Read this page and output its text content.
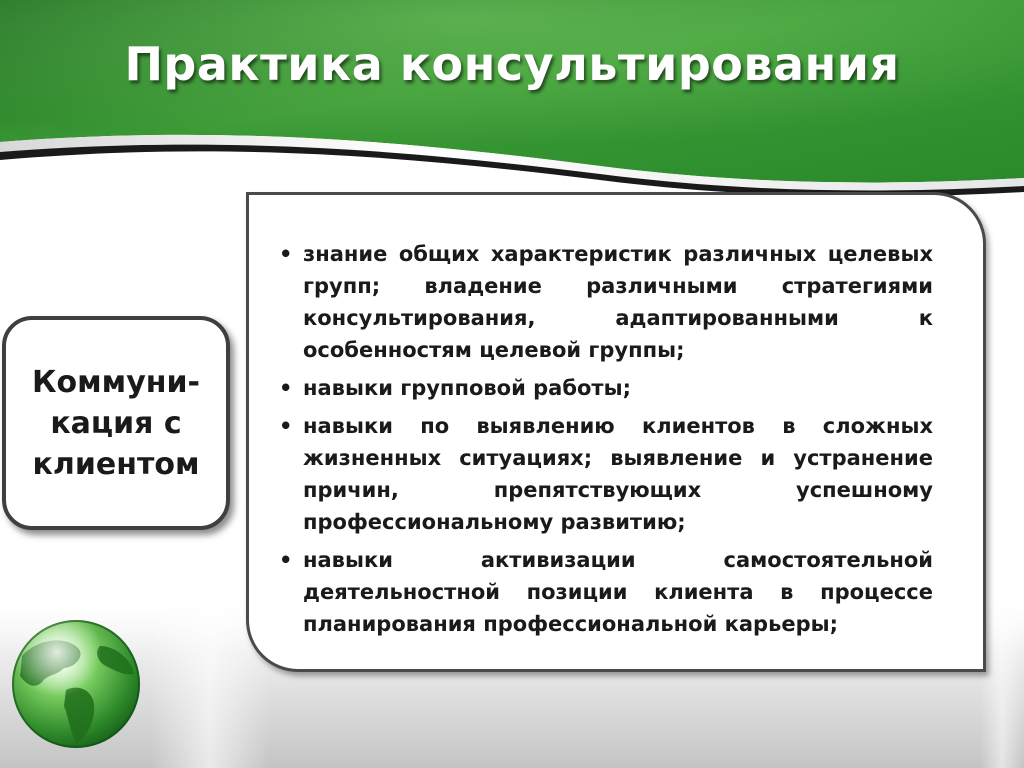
Практика консультирования
Коммуни-
кация с
клиентом
• знание общих характеристик различных целевых групп; владение различными стратегиями консультирования, адаптированными к особенностям целевой группы;
• навыки групповой работы;
• навыки по выявлению клиентов в сложных жизненных ситуациях; выявление и устранение причин, препятствующих успешному профессиональному развитию;
• навыки активизации самостоятельной деятельностной позиции клиента в процессе планирования профессиональной карьеры;
